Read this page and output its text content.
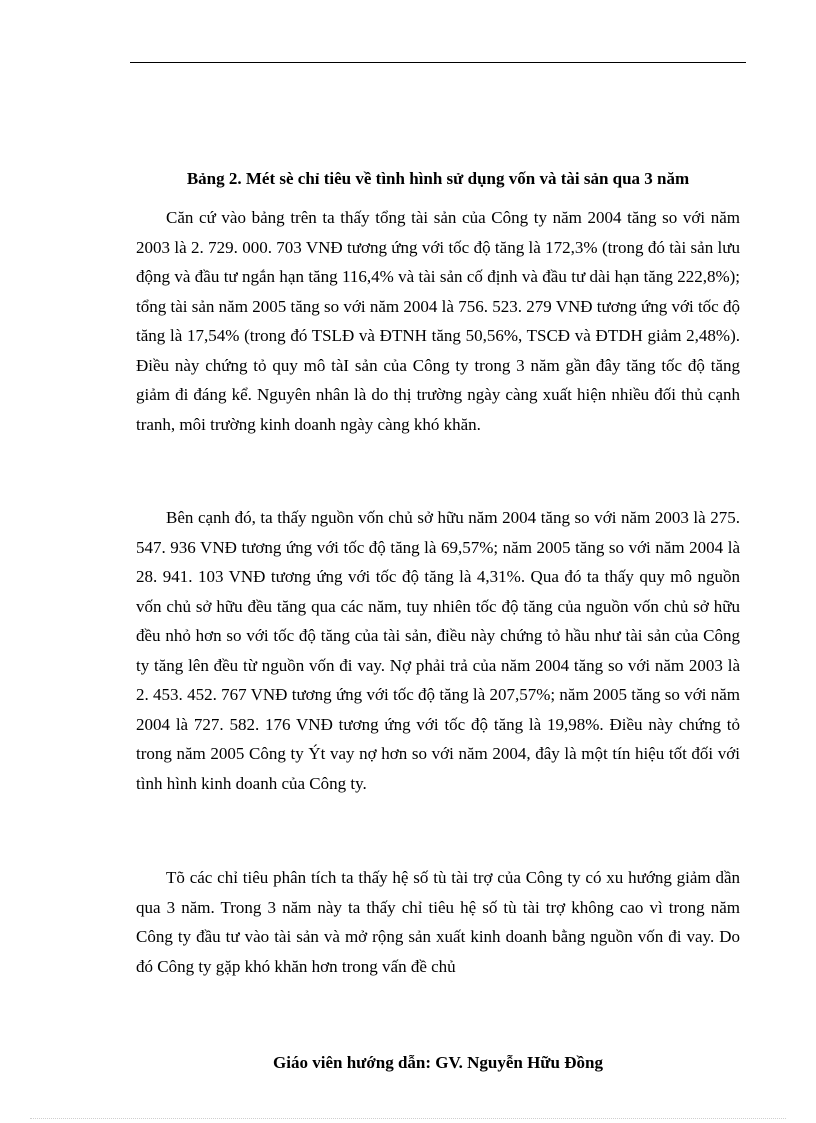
Bảng 2. Mét sè chỉ tiêu về tình hình sử dụng vốn và tài sản qua 3 năm

Căn cứ vào bảng trên ta thấy tổng tài sản của Công ty năm 2004 tăng so với năm 2003 là 2. 729. 000. 703 VNĐ tương ứng với tốc độ tăng là 172,3% (trong đó tài sản lưu động và đầu tư ngắn hạn tăng 116,4% và tài sản cố định và đầu tư dài hạn tăng 222,8%); tổng tài sản năm 2005 tăng so với năm 2004 là 756. 523. 279 VNĐ tương ứng với tốc độ tăng là 17,54% (trong đó TSLĐ và ĐTNH tăng 50,56%, TSCĐ và ĐTDH giảm 2,48%). Điều này chứng tỏ quy mô tàI sản của Công ty trong 3 năm gần đây tăng tốc độ tăng giảm đi đáng kể. Nguyên nhân là do thị trường ngày càng xuất hiện nhiều đối thủ cạnh tranh, môi trường kinh doanh ngày càng khó khăn.

Bên cạnh đó, ta thấy nguồn vốn chủ sở hữu năm 2004 tăng so với năm 2003 là 275. 547. 936 VNĐ tương ứng với tốc độ tăng là 69,57%; năm 2005 tăng so với năm 2004 là 28. 941. 103 VNĐ tương ứng với tốc độ tăng là 4,31%. Qua đó ta thấy quy mô nguồn vốn chủ sở hữu đều tăng qua các năm, tuy nhiên tốc độ tăng của nguồn vốn chủ sở hữu đều nhỏ hơn so với tốc độ tăng của tài sản, điều này chứng tỏ hầu như tài sản của Công ty tăng lên đều từ nguồn vốn đi vay. Nợ phải trả của năm 2004 tăng so với năm 2003 là 2. 453. 452. 767 VNĐ tương ứng với tốc độ tăng là 207,57%; năm 2005 tăng so với năm 2004 là 727. 582. 176 VNĐ tương ứng với tốc độ tăng là 19,98%. Điều này chứng tỏ trong năm 2005 Công ty Ýt vay nợ hơn so với năm 2004, đây là một tín hiệu tốt đối với tình hình kinh doanh của Công ty.

Tõ các chỉ tiêu phân tích ta thấy hệ số tù tài trợ của Công ty có xu hướng giảm dần qua 3 năm. Trong 3 năm này ta thấy chỉ tiêu hệ số tù tài trợ không cao vì trong năm Công ty đầu tư vào tài sản và mở rộng sản xuất kinh doanh bằng nguồn vốn đi vay. Do đó Công ty gặp khó khăn hơn trong vấn đề chủ

Giáo viên hướng dẫn: GV. Nguyễn Hữu Đồng
